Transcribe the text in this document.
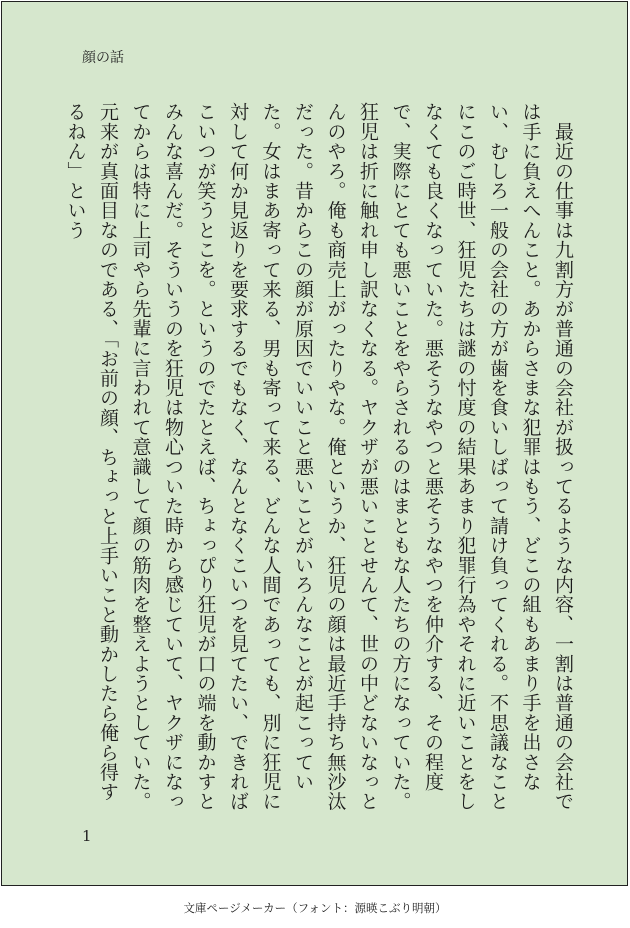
顔の話
　最近の仕事は九割方が普通の会社が扱ってるような内容、一割は普通の会社では手に負えへんこと。あからさまな犯罪はもう、どこの組もあまり手を出さない、むしろ一般の会社の方が歯を食いしばって請け負ってくれる。不思議なことにこのご時世、狂児たちは謎の忖度の結果あまり犯罪行為やそれに近いことをしなくても良くなっていた。悪そうなやつと悪そうなやつを仲介する、その程度で、実際にとても悪いことをやらされるのはまともな人たちの方になっていた。狂児は折に触れ申し訳なくなる。ヤクザが悪いことせんて、世の中どないなっとんのやろ。俺も商売上がったりやな。俺というか、狂児の顔は最近手持ち無沙汰だった。昔からこの顔が原因でいいこと悪いことがいろんなことが起こっていた。女はまあ寄って来る、男も寄って来る、どんな人間であっても、別に狂児に対して何か見返りを要求するでもなく、なんとなくこいつを見てたい、できればこいつが笑うとこを。というのでたとえば、ちょっぴり狂児が口の端を動かすとみんな喜んだ。そういうのを狂児は物心ついた時から感じていて、ヤクザになってからは特に上司やら先輩に言われて意識して顔の筋肉を整えようとしていた。元来が真面目なのである、「お前の顔、ちょっと上手いこと動かしたら俺ら得するねん」という
1
文庫ページメーカー（フォント：源暎こぶり明朝）
